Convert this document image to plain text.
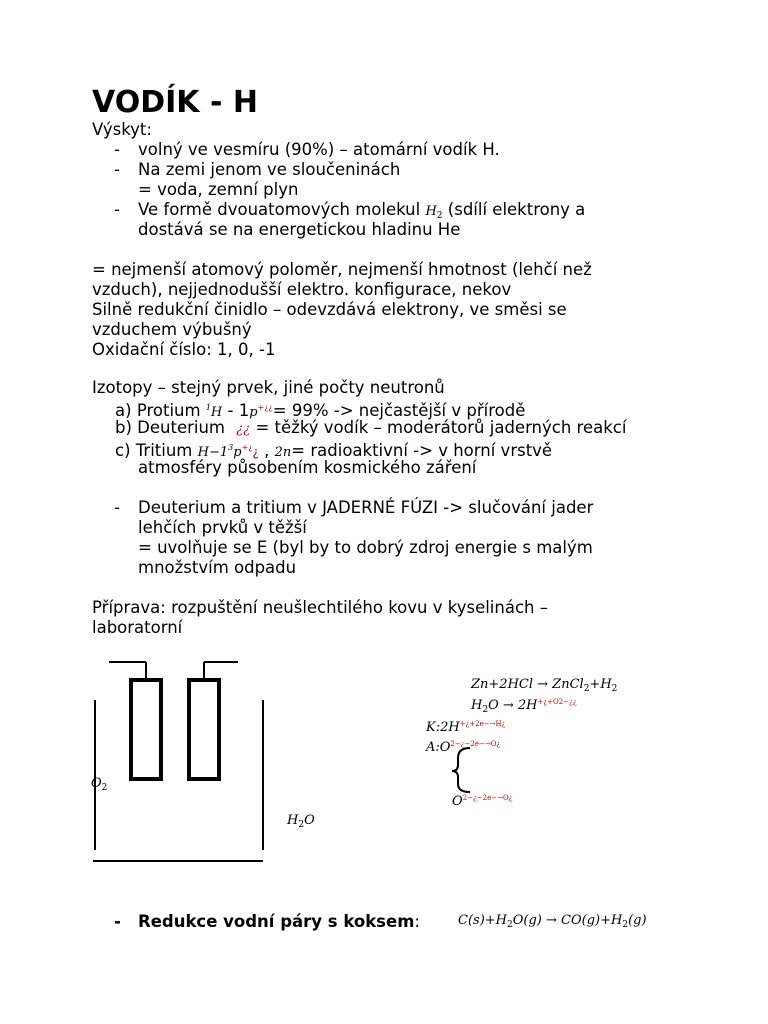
VODÍK - H
Výskyt:
- volný ve vesmíru (90%) – atomární vodík H.
- Na zemi jenom ve sloučeninách
= voda, zemní plyn
- Ve formě dvouatomových molekul $H_2$ (sdílí elektrony a
dostává se na energetickou hladinu He
= nejmenší atomový poloměr, nejmenší hmotnost (lehčí než
vzduch), nejjednodušší elektro. konfigurace, nekov
Silně redukční činidlo – odevzdává elektrony, ve směsi se
vzduchem výbušný
Oxidační číslo: 1, 0, -1
Izotopy – stejný prvek, jiné počty neutronů
a) Protium $^1$H - 1p+¿¿= 99% -> nejčastější v přírodě
b) Deuterium ¿¿ = těžký vodík – moderátorů jaderných reakcí
c) Tritium $H-1^3p^{+¿}¿$ , 2n= radioaktivní -> v horní vrstvě
atmosféry působením kosmického záření
- Deuterium a tritium v JADERNÉ FÚZI -> slučování jader
lehčích prvků v těžší
= uvolňuje se E (byl by to dobrý zdroj energie s malým
množstvím odpadu
Příprava: rozpuštění neušlechtilého kovu v kyselinách –
laboratorní
$O_2$
$H_2O$
$Zn+2HCl \to ZnCl_2+H_2$
$H_2O \to 2H^{+¿+O2-¿¿}$
$K:2H^{+¿+2e-\to H¿}$
$A:O^{2-¿-2e-\to O¿}$
$O^{2-¿-2e-\to O¿}$
- Redukce vodní páry s koksem:	$C(s)+H_2O(g) \to CO(g)+H_2(g)$
